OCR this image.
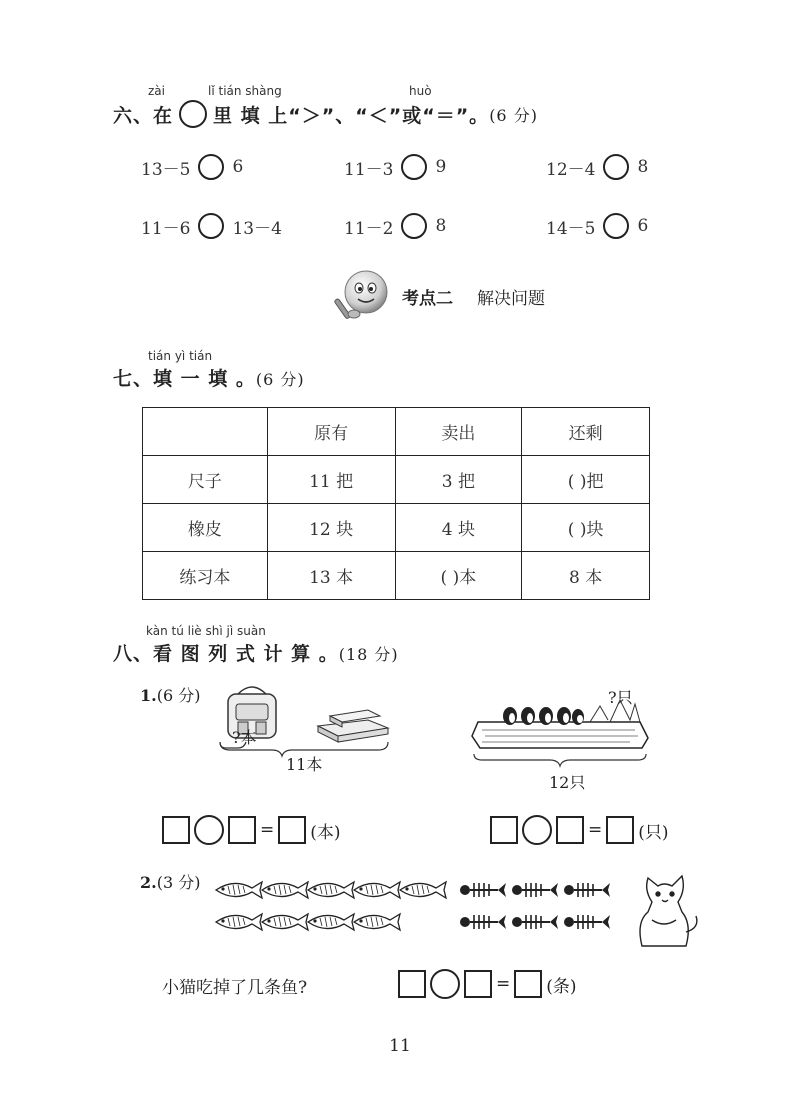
zài	lǐ tián shàng	huò
六、 在 里 填 上“＞”、“＜”或“＝”。 (6 分)
13－5 6	11－3 9	12－4 8
11－6 13－4	11－2 8	14－5 6
考点二 解决问题
tián yì tián
七、填 一 填 。(6 分)
	原有	卖出	还剩
尺子	11 把	3 把	( )把
橡皮	12 块	4 块	( )块
练习本	13 本	( )本	8 本
kàn tú liè shì jì suàn
八、看 图 列 式 计 算 。(18 分)
1.(6 分)
?本
11本
?只
12只
= (本)	= (只)
2.(3 分)
小猫吃掉了几条鱼?	= (条)
11
